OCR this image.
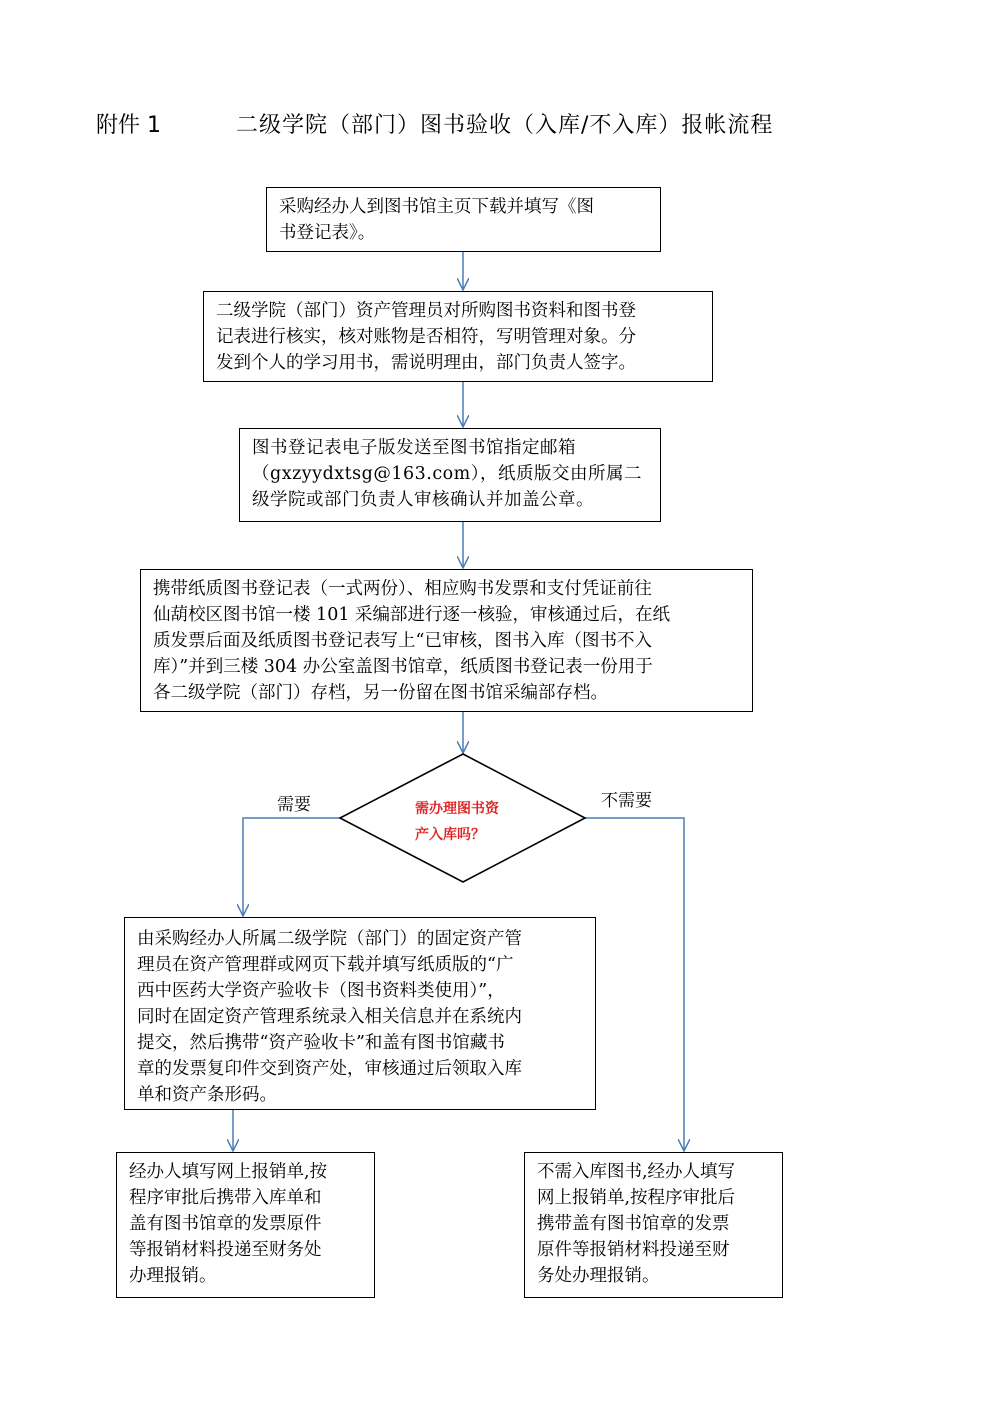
附件 1	二级学院（部门）图书验收（入库/不入库）报帐流程
需办理图书资
产入库吗？
需要	不需要
采购经办人到图书馆主页下载并填写《图
书登记表》。
二级学院（部门）资产管理员对所购图书资料和图书登
记表进行核实，核对账物是否相符，写明管理对象。分
发到个人的学习用书，需说明理由，部门负责人签字。
图书登记表电子版发送至图书馆指定邮箱
（gxzyydxtsg@163.com），纸质版交由所属二
级学院或部门负责人审核确认并加盖公章。
携带纸质图书登记表（一式两份）、相应购书发票和支付凭证前往
仙葫校区图书馆一楼 101 采编部进行逐一核验，审核通过后，在纸
质发票后面及纸质图书登记表写上“已审核，图书入库（图书不入
库）”并到三楼 304 办公室盖图书馆章，纸质图书登记表一份用于
各二级学院（部门）存档，另一份留在图书馆采编部存档。
由采购经办人所属二级学院（部门）的固定资产管
理员在资产管理群或网页下载并填写纸质版的“广
西中医药大学资产验收卡（图书资料类使用）”，
同时在固定资产管理系统录入相关信息并在系统内
提交，然后携带“资产验收卡”和盖有图书馆藏书
章的发票复印件交到资产处，审核通过后领取入库
单和资产条形码。
经办人填写网上报销单,按
程序审批后携带入库单和
盖有图书馆章的发票原件
等报销材料投递至财务处
办理报销。
不需入库图书,经办人填写
网上报销单,按程序审批后
携带盖有图书馆章的发票
原件等报销材料投递至财
务处办理报销。
